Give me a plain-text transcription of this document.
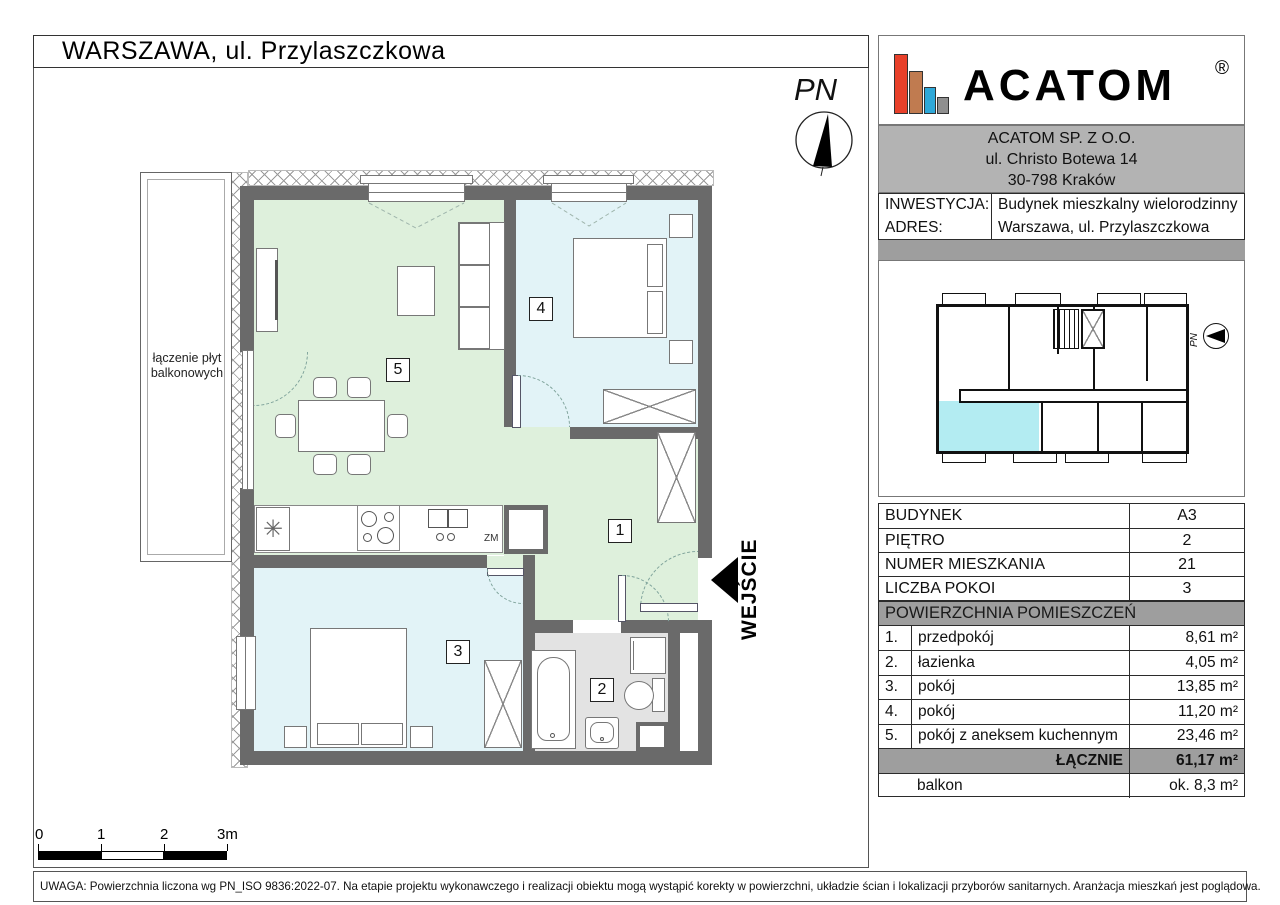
WARSZAWA, ul. Przylaszczkowa
PN
łączenie płyt
balkonowych
✳	ZM	1
2
3
4
5
WEJŚCIE
0	1	2	3m
ACATOM ®
ACATOM SP. Z O.O.
ul. Christo Botewa 14
30-798 Kraków
INWESTYCJA: Budynek mieszkalny wielorodzinny
ADRES:	Warszawa, ul. Przylaszczkowa
PN
BUDYNEK	A3
PIĘTRO	2
NUMER MIESZKANIA	21
LICZBA POKOI	3
POWIERZCHNIA POMIESZCZEŃ
1.	przedpokój	8,61 m²
2.	łazienka	4,05 m²
3.	pokój	13,85 m²
4.	pokój	11,20 m²
5.	pokój z aneksem kuchennym	23,46 m²
ŁĄCZNIE	61,17 m²
balkon	ok. 8,3 m²
UWAGA: Powierzchnia liczona wg PN_ISO 9836:2022-07. Na etapie projektu wykonawczego i realizacji obiektu mogą wystąpić korekty w powierzchni, układzie ścian i lokalizacji przyborów sanitarnych. Aranżacja mieszkań jest poglądowa.
